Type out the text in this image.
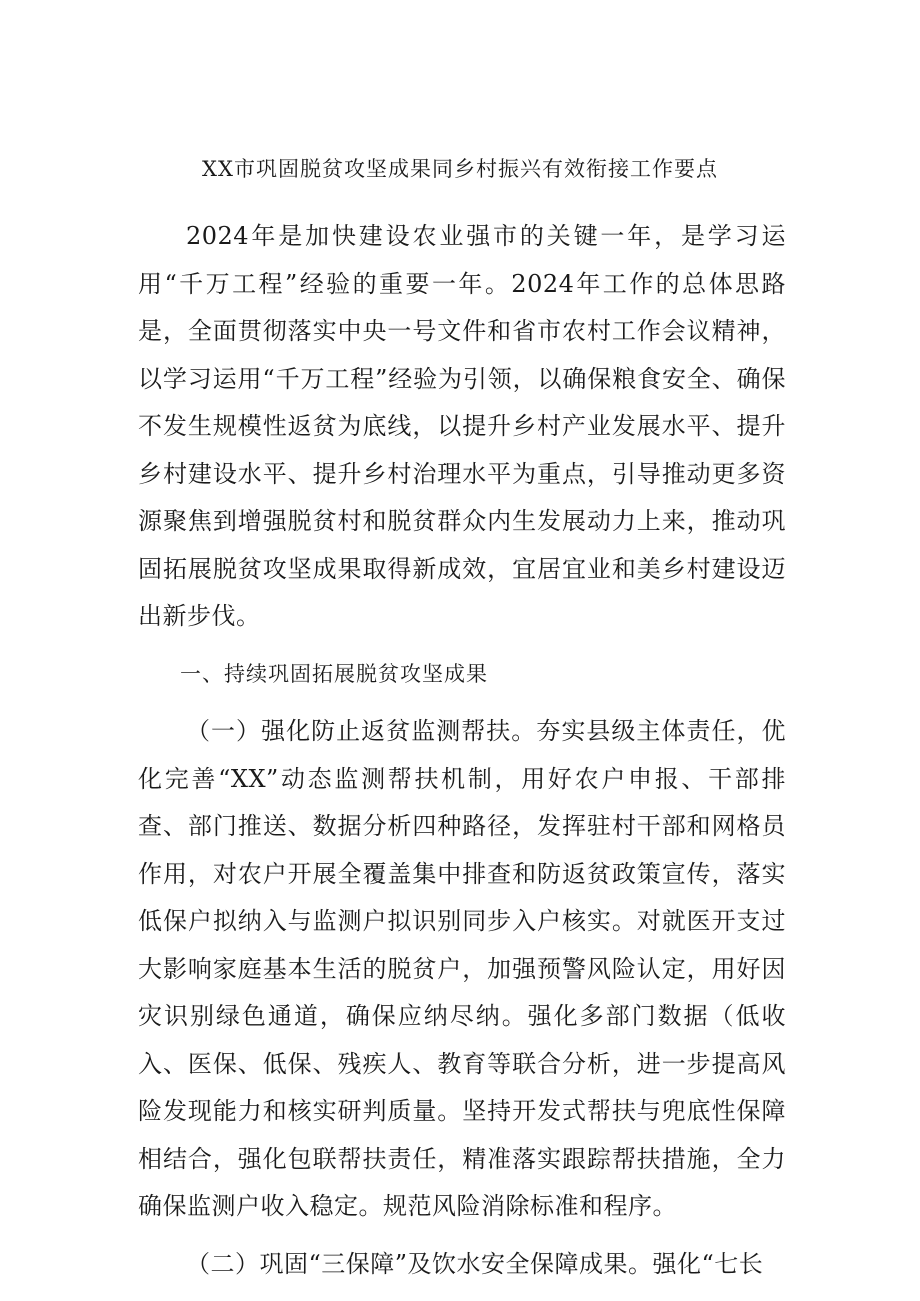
XX市巩固脱贫攻坚成果同乡村振兴有效衔接工作要点

2024年是加快建设农业强市的关键一年，是学习运用“千万工程”经验的重要一年。2024年工作的总体思路是，全面贯彻落实中央一号文件和省市农村工作会议精神，以学习运用“千万工程”经验为引领，以确保粮食安全、确保不发生规模性返贫为底线，以提升乡村产业发展水平、提升乡村建设水平、提升乡村治理水平为重点，引导推动更多资源聚焦到增强脱贫村和脱贫群众内生发展动力上来，推动巩固拓展脱贫攻坚成果取得新成效，宜居宜业和美乡村建设迈出新步伐。

一、持续巩固拓展脱贫攻坚成果

（一）强化防止返贫监测帮扶。夯实县级主体责任，优化完善“XX”动态监测帮扶机制，用好农户申报、干部排查、部门推送、数据分析四种路径，发挥驻村干部和网格员作用，对农户开展全覆盖集中排查和防返贫政策宣传，落实低保户拟纳入与监测户拟识别同步入户核实。对就医开支过大影响家庭基本生活的脱贫户，加强预警风险认定，用好因灾识别绿色通道，确保应纳尽纳。强化多部门数据（低收入、医保、低保、残疾人、教育等联合分析，进一步提高风险发现能力和核实研判质量。坚持开发式帮扶与兜底性保障相结合，强化包联帮扶责任，精准落实跟踪帮扶措施，全力确保监测户收入稳定。规范风险消除标准和程序。

（二）巩固“三保障”及饮水安全保障成果。强化“七长
